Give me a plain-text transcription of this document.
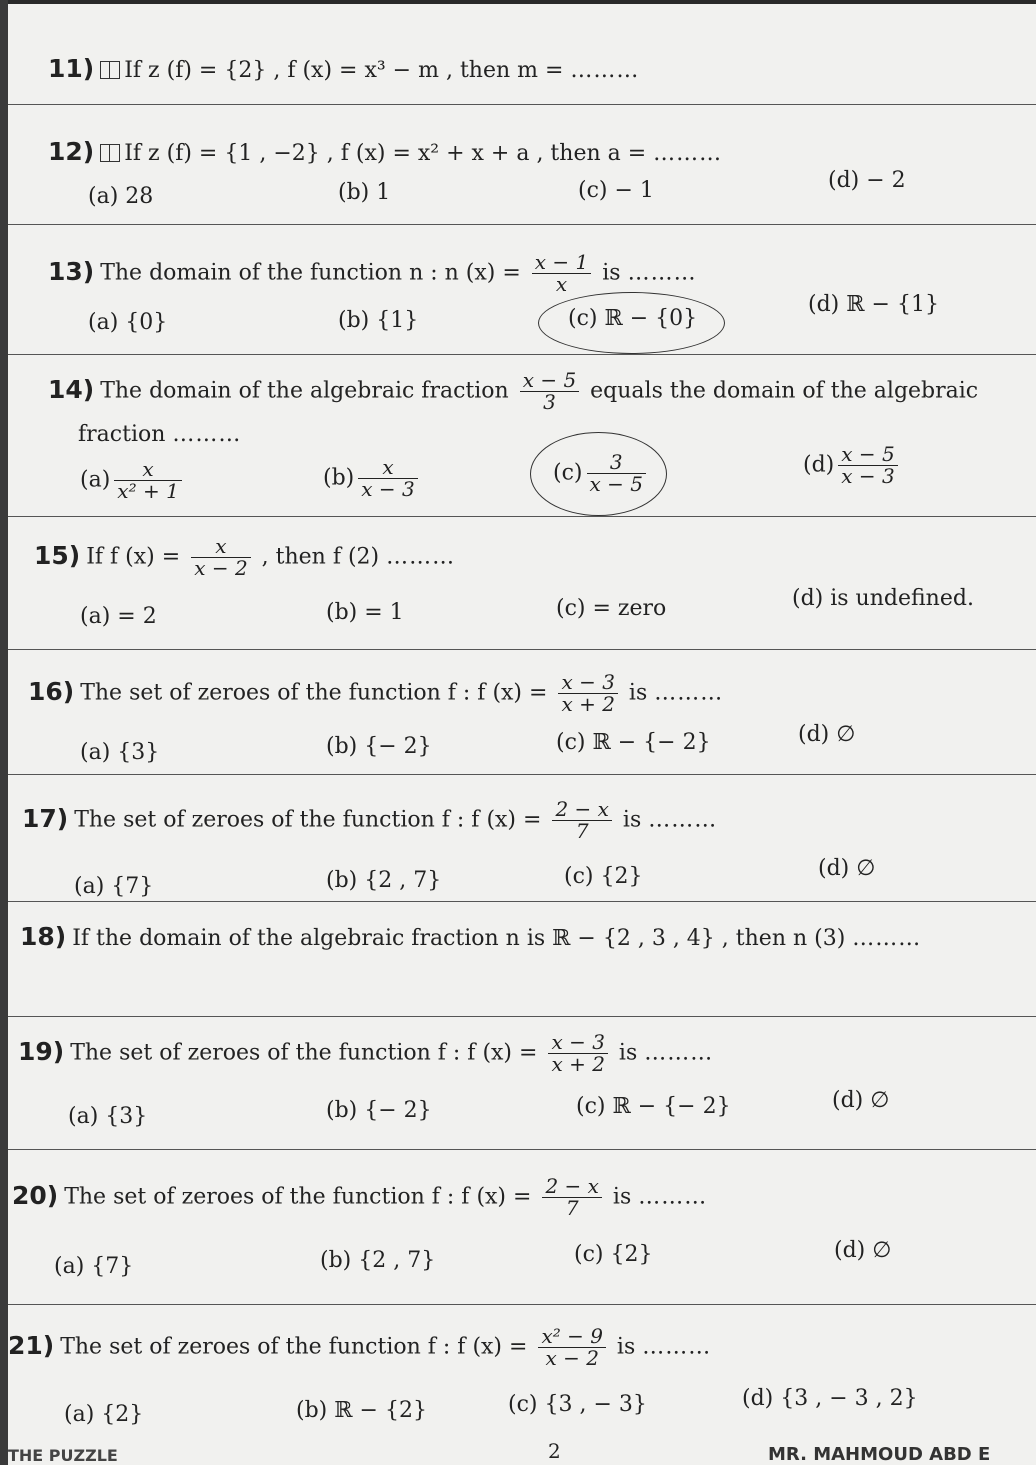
11) If z (f) = {2} , f (x) = x³ − m , then m = ………
12) If z (f) = {1 , −2} , f (x) = x² + x + a , then a = ………
(a) 28	(b) 1	(c) − 1	(d) − 2
13) The domain of the function n : n $(x) = \frac{x - 1}{x}$ is ………
(a) {0}	(b) {1}	(c) ℝ − {0}
(d) ℝ − {1}
14) The domain of the algebraic fraction $\frac{x - 5}{3}$ equals the domain of the algebraic
fraction ………
$(a) \frac{x}{\text{x² + 1}}$	$(b) \frac{x}{x - 3}$	$(c) \frac{3}{x - 5}$	$(d) \frac{x - 5}{x - 3}$
15) If f $(x) = \frac{x}{x - 2}$ , then f (2) ………
(a) = 2	(b) = 1	(c) = zero	(d) is undefined.
16) The set of zeroes of the function f : f $(x) = \frac{x - 3}{x + 2}$ is ………
(a) {3}	(b) {− 2}	(c) ℝ − {− 2}	(d) ∅
17) The set of zeroes of the function f : f $(x) = \frac{2 - x}{7}$ is ………
(a) {7}	(b) {2 , 7}	(c) {2}	(d) ∅
18) If the domain of the algebraic fraction n is ℝ − {2 , 3 , 4} , then n (3) ………
19) The set of zeroes of the function f : f $(x) = \frac{x - 3}{x + 2}$ is ………
(a) {3}	(b) {− 2}	(c) ℝ − {− 2}	(d) ∅
20) The set of zeroes of the function f : f $(x) = \frac{2 - x}{7}$ is ………
(a) {7}	(b) {2 , 7}	(c) {2}	(d) ∅
21) The set of zeroes of the function f : f $(x) = \frac{\text{x² − 9}}{x - 2}$ is ………
(a) {2}	(b) ℝ − {2}	(c) {3 , − 3}	(d) {3 , − 3 , 2}
THE PUZZLE	2	MR. MAHMOUD ABD E
